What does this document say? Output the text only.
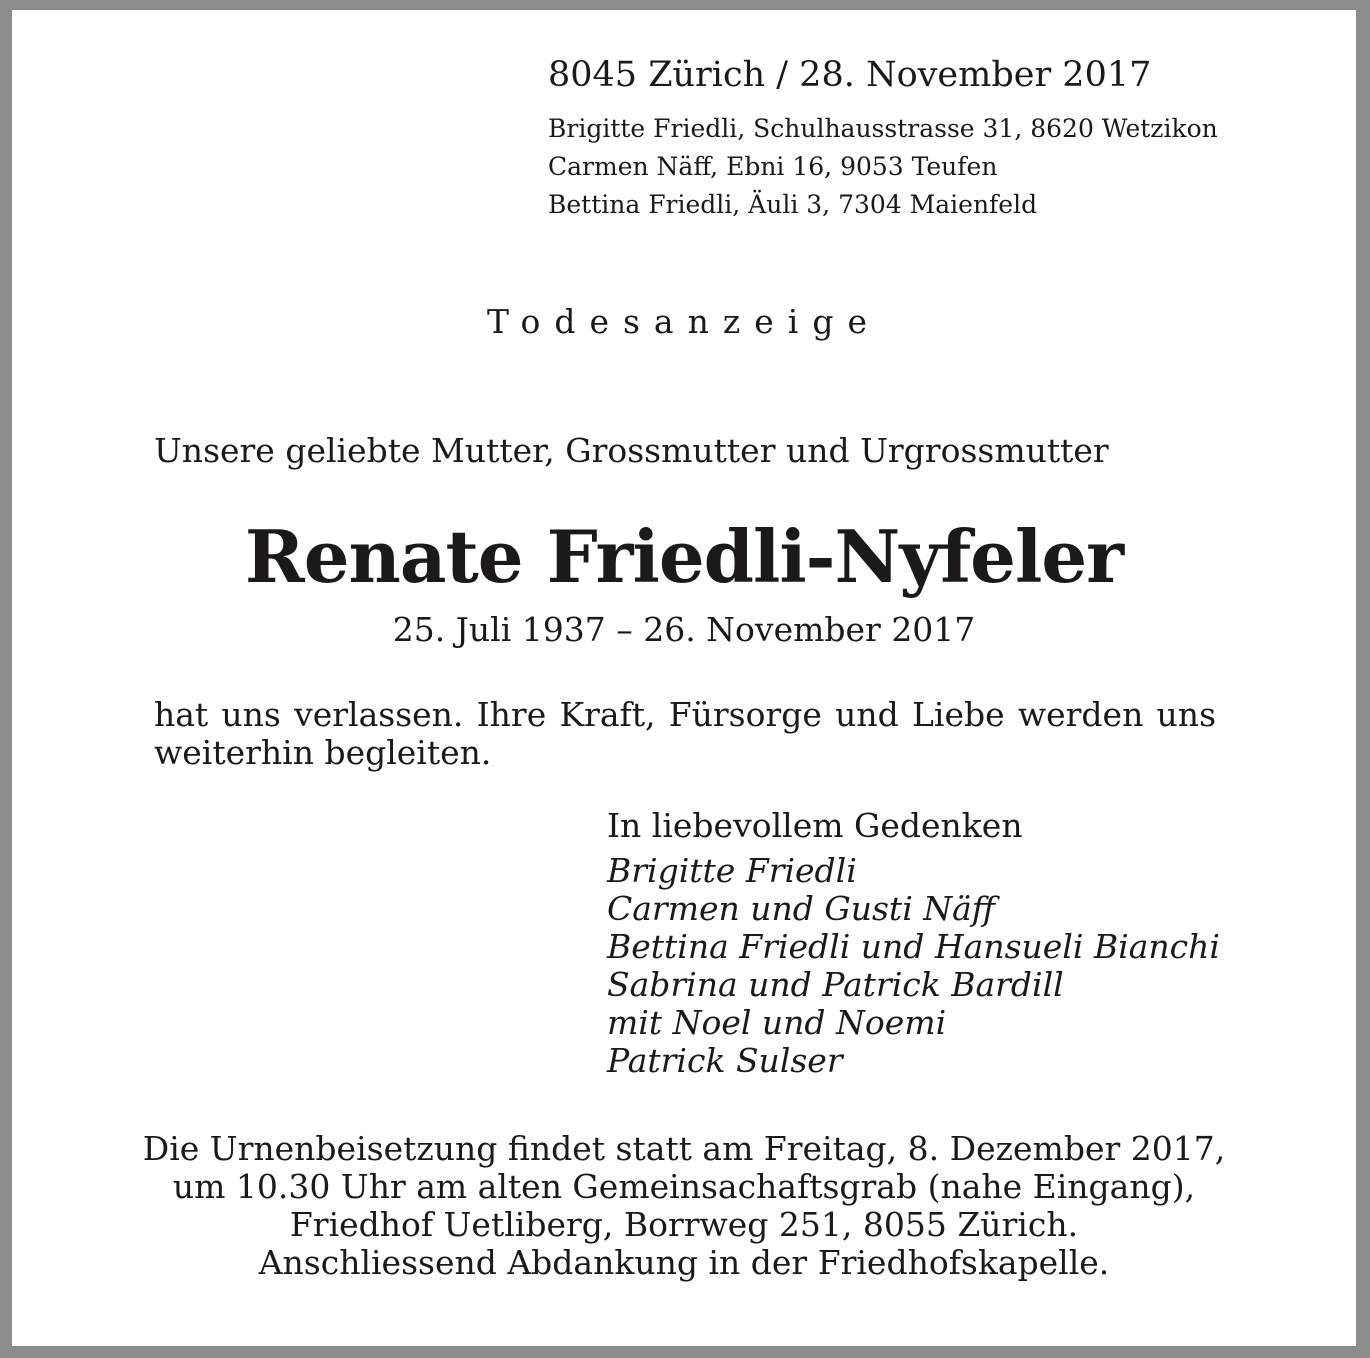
8045 Zürich / 28. November 2017

Brigitte Friedli, Schulhausstrasse 31, 8620 Wetzikon
Carmen Näff, Ebni 16, 9053 Teufen
Bettina Friedli, Äuli 3, 7304 Maienfeld

Todesanzeige

Unsere geliebte Mutter, Grossmutter und Urgrossmutter

Renate Friedli-Nyfeler

25. Juli 1937 – 26. November 2017

hat uns verlassen. Ihre Kraft, Fürsorge und Liebe werden uns weiterhin begleiten.

In liebevollem Gedenken

Brigitte Friedli
Carmen und Gusti Näff
Bettina Friedli und Hansueli Bianchi
Sabrina und Patrick Bardill
mit Noel und Noemi
Patrick Sulser
Die Urnenbeisetzung findet statt am Freitag, 8. Dezember 2017,
um 10.30 Uhr am alten Gemeinsachaftsgrab (nahe Eingang),
Friedhof Uetliberg, Borrweg 251, 8055 Zürich.
Anschliessend Abdankung in der Friedhofskapelle.
